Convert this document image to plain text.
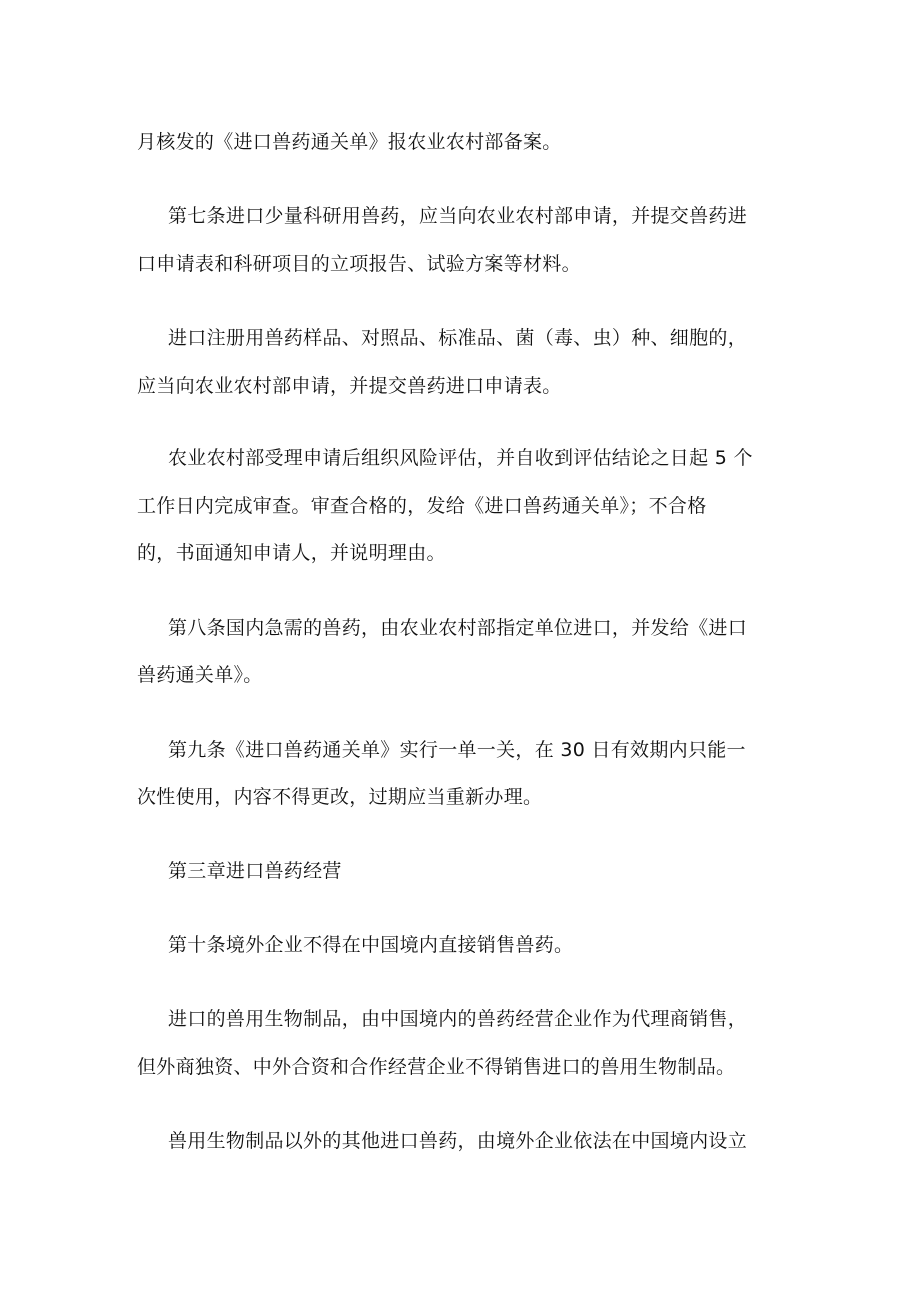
月核发的《进口兽药通关单》报农业农村部备案。
第七条进口少量科研用兽药，应当向农业农村部申请，并提交兽药进
口申请表和科研项目的立项报告、试验方案等材料。
进口注册用兽药样品、对照品、标准品、菌（毒、虫）种、细胞的，
应当向农业农村部申请，并提交兽药进口申请表。
农业农村部受理申请后组织风险评估，并自收到评估结论之日起 5 个
工作日内完成审查。审查合格的，发给《进口兽药通关单》；不合格
的，书面通知申请人，并说明理由。
第八条国内急需的兽药，由农业农村部指定单位进口，并发给《进口
兽药通关单》。
第九条《进口兽药通关单》实行一单一关，在 30 日有效期内只能一
次性使用，内容不得更改，过期应当重新办理。
第三章进口兽药经营
第十条境外企业不得在中国境内直接销售兽药。
进口的兽用生物制品，由中国境内的兽药经营企业作为代理商销售，
但外商独资、中外合资和合作经营企业不得销售进口的兽用生物制品。
兽用生物制品以外的其他进口兽药，由境外企业依法在中国境内设立
